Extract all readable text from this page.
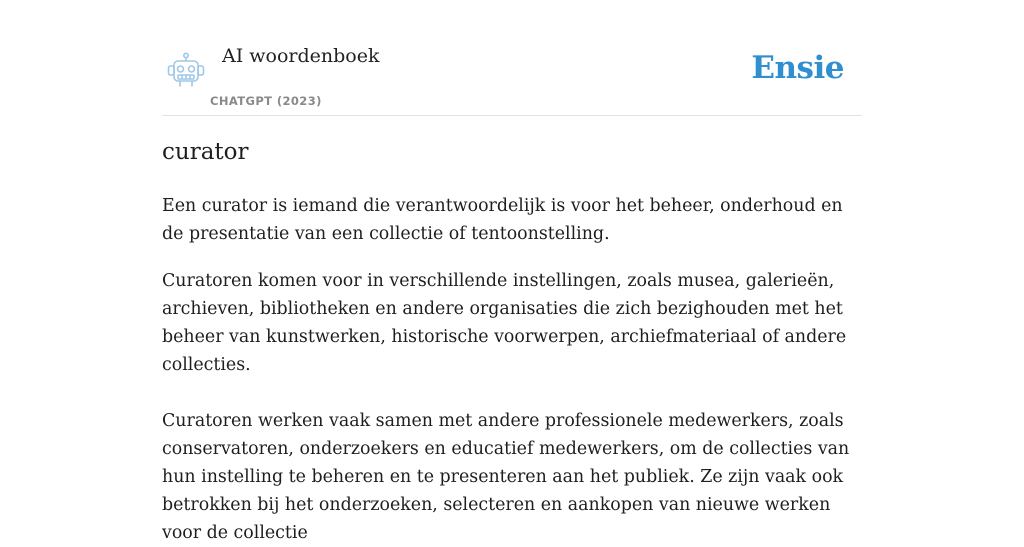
AI woordenboek
CHATGPT (2023)
Ensie
curator

Een curator is iemand die verantwoordelijk is voor het beheer, onderhoud en de presentatie van een collectie of tentoonstelling.

Curatoren komen voor in verschillende instellingen, zoals musea, galerieën, archieven, bibliotheken en andere organisaties die zich bezighouden met het beheer van kunstwerken, historische voorwerpen, archiefmateriaal of andere collecties.

Curatoren werken vaak samen met andere professionele medewerkers, zoals conservatoren, onderzoekers en educatief medewerkers, om de collecties van hun instelling te beheren en te presenteren aan het publiek. Ze zijn vaak ook betrokken bij het onderzoeken, selecteren en aankopen van nieuwe werken voor de collectie
